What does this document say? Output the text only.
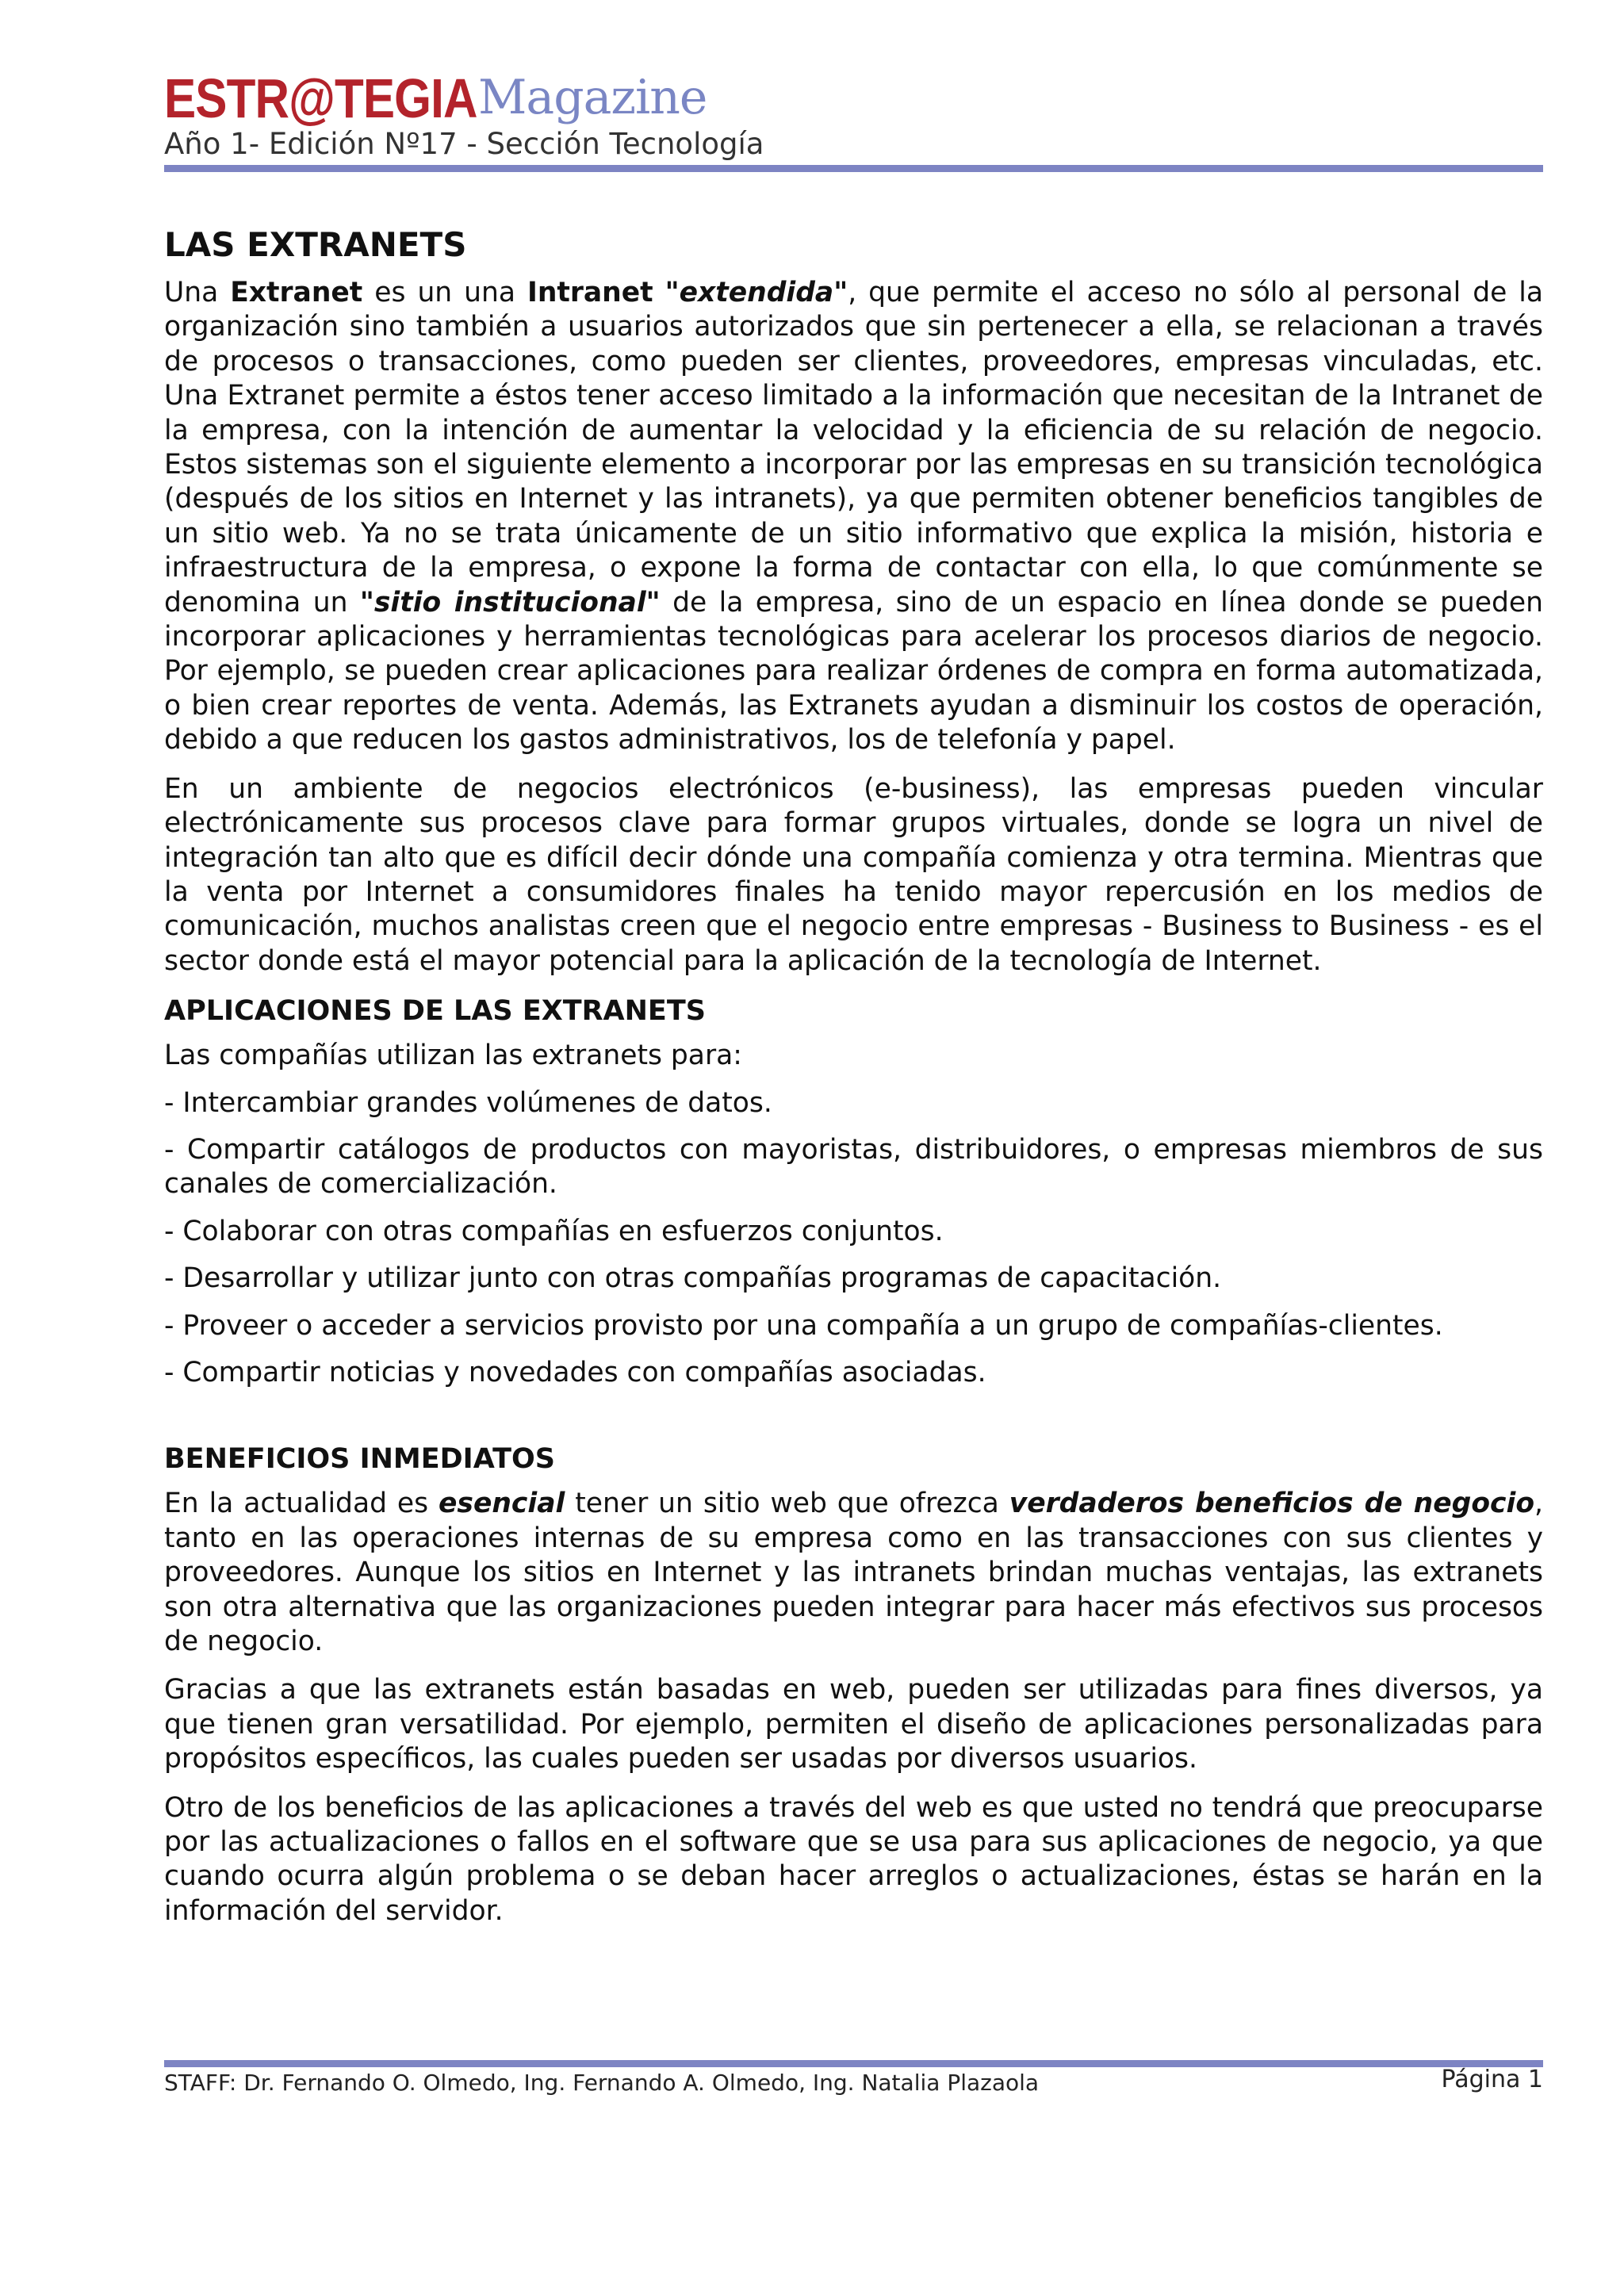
ESTR@TEGIA Magazine
Año 1- Edición Nº17 - Sección Tecnología
LAS EXTRANETS

Una Extranet es un una Intranet "extendida", que permite el acceso no sólo al personal de la organización sino también a usuarios autorizados que sin pertenecer a ella, se relacionan a través de procesos o transacciones, como pueden ser clientes, proveedores, empresas vinculadas, etc. Una Extranet permite a éstos tener acceso limitado a la información que necesitan de la Intranet de la empresa, con la intención de aumentar la velocidad y la eficiencia de su relación de negocio. Estos sistemas son el siguiente elemento a incorporar por las empresas en su transición tecnológica (después de los sitios en Internet y las intranets), ya que permiten obtener beneficios tangibles de un sitio web. Ya no se trata únicamente de un sitio informativo que explica la misión, historia e infraestructura de la empresa, o expone la forma de contactar con ella, lo que comúnmente se denomina un "sitio institucional" de la empresa, sino de un espacio en línea donde se pueden incorporar aplicaciones y herramientas tecnológicas para acelerar los procesos diarios de negocio. Por ejemplo, se pueden crear aplicaciones para realizar órdenes de compra en forma automatizada, o bien crear reportes de venta. Además, las Extranets ayudan a disminuir los costos de operación, debido a que reducen los gastos administrativos, los de telefonía y papel.

En un ambiente de negocios electrónicos (e-business), las empresas pueden vincular electrónicamente sus procesos clave para formar grupos virtuales, donde se logra un nivel de integración tan alto que es difícil decir dónde una compañía comienza y otra termina. Mientras que la venta por Internet a consumidores finales ha tenido mayor repercusión en los medios de comunicación, muchos analistas creen que el negocio entre empresas - Business to Business - es el sector donde está el mayor potencial para la aplicación de la tecnología de Internet.

APLICACIONES DE LAS EXTRANETS

Las compañías utilizan las extranets para:

- Intercambiar grandes volúmenes de datos.

- Compartir catálogos de productos con mayoristas, distribuidores, o empresas miembros de sus canales de comercialización.

- Colaborar con otras compañías en esfuerzos conjuntos.

- Desarrollar y utilizar junto con otras compañías programas de capacitación.

- Proveer o acceder a servicios provisto por una compañía a un grupo de compañías-clientes.

- Compartir noticias y novedades con compañías asociadas.

BENEFICIOS INMEDIATOS

En la actualidad es esencial tener un sitio web que ofrezca verdaderos beneficios de negocio, tanto en las operaciones internas de su empresa como en las transacciones con sus clientes y proveedores. Aunque los sitios en Internet y las intranets brindan muchas ventajas, las extranets son otra alternativa que las organizaciones pueden integrar para hacer más efectivos sus procesos de negocio.

Gracias a que las extranets están basadas en web, pueden ser utilizadas para fines diversos, ya que tienen gran versatilidad. Por ejemplo, permiten el diseño de aplicaciones personalizadas para propósitos específicos, las cuales pueden ser usadas por diversos usuarios.

Otro de los beneficios de las aplicaciones a través del web es que usted no tendrá que preocuparse por las actualizaciones o fallos en el software que se usa para sus aplicaciones de negocio, ya que cuando ocurra algún problema o se deban hacer arreglos o actualizaciones, éstas se harán en la información del servidor.

STAFF: Dr. Fernando O. Olmedo, Ing. Fernando A. Olmedo, Ing. Natalia Plazaola	Página 1
